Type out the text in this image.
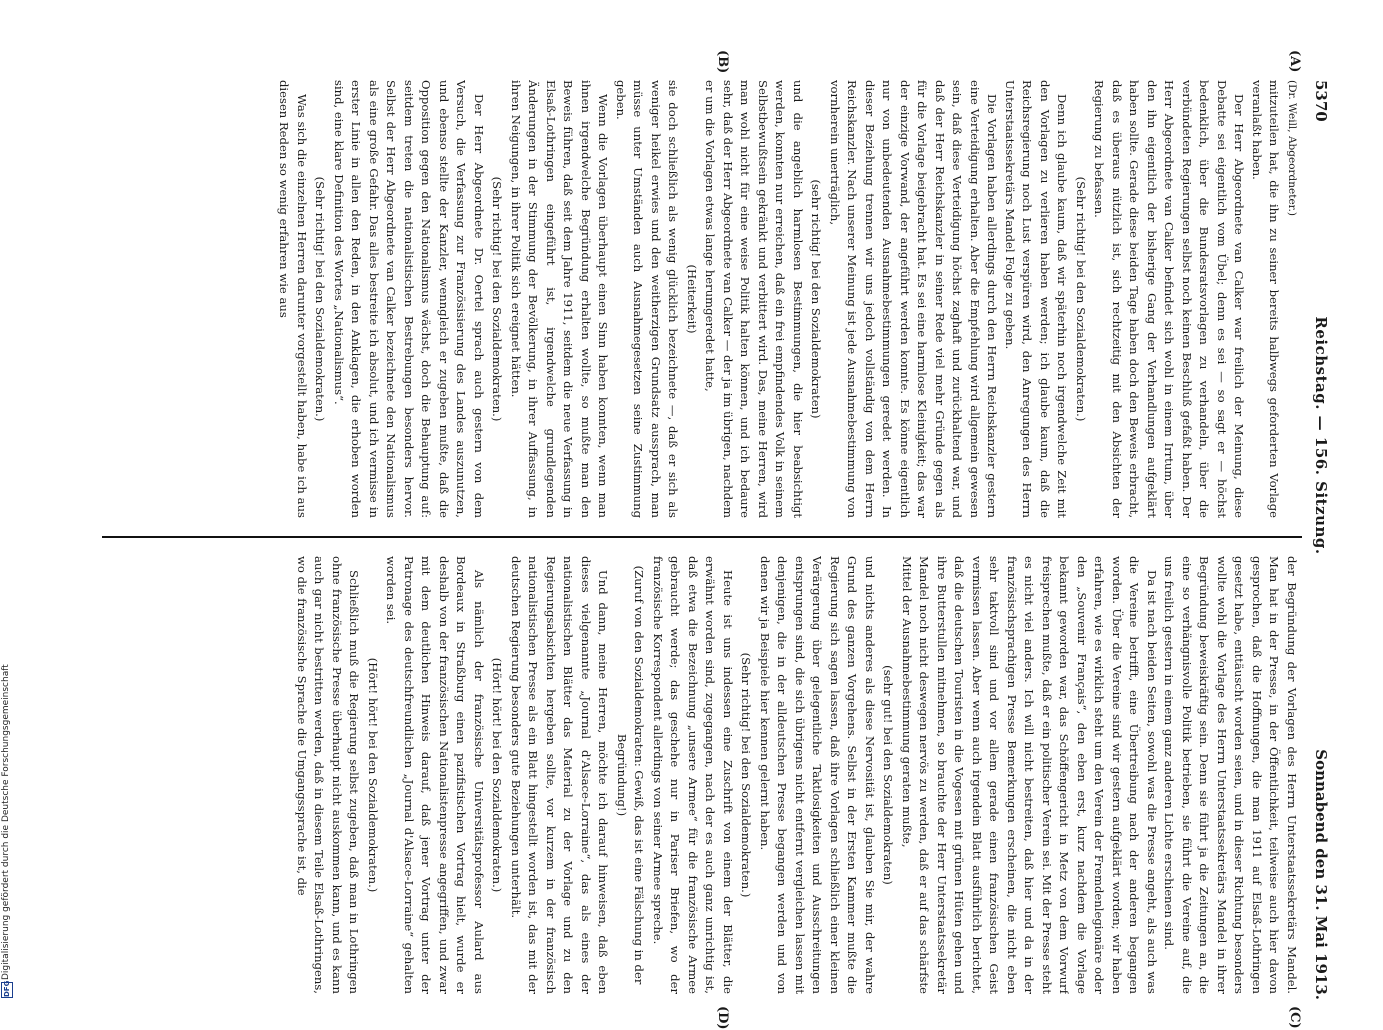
5370
Reichstag. — 156. Sitzung.
Sonnabend den 31. Mai 1913.
(A)
(B)
(C)
(D)

(Dr. Weill, Abgeordneter.)

mitzuteilen hat, die ihn zu seiner bereits halbwegs geforderten Vorlage veranlaßt haben.

Der Herr Abgeordnete van Calker war freilich der Meinung, diese Debatte sei eigentlich vom Übel; denn es sei — so sagt er — höchst bedenklich, über die Bundesratsvorlagen zu verhandeln, über die verbündeten Regierungen selbst noch keinen Beschluß gefaßt haben. Der Herr Abgeordnete van Calker befindet sich wohl in einem Irrtum, über den ihn eigentlich der bisherige Gang der Verhandlungen aufgeklärt haben sollte. Gerade diese beiden Tage haben doch den Beweis erbracht, daß es überaus nützlich ist, sich rechtzeitig mit den Absichten der Regierung zu befassen.

(Sehr richtig! bei den Sozialdemokraten.)

Denn ich glaube kaum, daß wir späterhin noch irgendwelche Zeit mit den Vorlagen zu verlieren haben werden; ich glaube kaum, daß die Reichsregierung noch Lust verspüren wird, den Anregungen des Herrn Unterstaatssekretärs Mandel Folge zu geben.

Die Vorlagen haben allerdings durch den Herrn Reichskanzler gestern eine Verteidigung erhalten. Aber die Empfehlung wird allgemein gewesen sein, daß diese Verteidigung höchst zaghaft und zurückhaltend war, und daß der Herr Reichskanzler in seiner Rede viel mehr Gründe gegen als für die Vorlage beigebracht hat. Es sei eine harmlose Kleinigkeit; das war der einzige Vorwand, der angeführt werden konnte. Es könne eigentlich nur von unbedeutenden Ausnahmebestimmungen geredet werden. In dieser Beziehung trennen wir uns jedoch vollständig von dem Herrn Reichskanzler. Nach unserer Meinung ist jede Ausnahmebestimmung von vornherein unerträglich,

(sehr richtig! bei den Sozialdemokraten)

und die angeblich harmlosen Bestimmungen, die hier beabsichtigt werden, konnten nur erreichen, daß ein frei empfindendes Volk in seinem Selbstbewußtsein gekränkt und verbittert wird. Das, meine Herren, wird man wohl nicht für eine weise Politik halten können, und ich bedaure sehr, daß der Herr Abgeordnete van Calker — der ja im übrigen, nachdem er um die Vorlagen etwas lange herumgeredet hatte,

(Heiterkeit)

sie doch schließlich als wenig glücklich bezeichnete —, daß er sich als weniger heikel erwies und den weitherzigen Grundsatz aussprach, man müsse unter Umständen auch Ausnahmegesetzen seine Zustimmung geben.

Wenn die Vorlagen überhaupt einen Sinn haben konnten, wenn man ihnen irgendwelche Begründung erhalten wollte, so mußte man den Beweis führen, daß seit dem Jahre 1911, seitdem die neue Verfassung in Elsaß-Lothringen eingeführt ist, irgendwelche grundlegenden Änderungen in der Stimmung der Bevölkerung, in ihrer Auffassung, in ihren Neigungen, in ihrer Politik sich ereignet hätten.

(Sehr richtig! bei den Sozialdemokraten.)

Der Herr Abgeordnete Dr. Oertel sprach auch gestern von dem Versuch, die Verfassung zur Französisierung des Landes auszunutzen, und ebenso stellte der Kanzler, wenngleich er zugeben mußte, daß die Opposition gegen den Nationalismus wächst, doch die Behauptung auf: seitdem treten die nationalistischen Bestrebungen besonders hervor. Selbst der Herr Abgeordnete van Calker bezeichnete den Nationalismus als eine große Gefahr. Das alles bestreite ich absolut, und ich vermisse in erster Linie in allen den Reden, in den Anklagen, die erhoben worden sind, eine klare Definition des Wortes „Nationalismus“.

(Sehr richtig! bei den Sozialdemokraten.)

Was sich die einzelnen Herren darunter vorgestellt haben, habe ich aus diesen Reden so wenig erfahren wie aus

der Begründung der Vorlagen des Herrn Unterstaatssekretärs Mandel. Man hat in der Presse, in der Öffentlichkeit, teilweise auch hier davon gesprochen, daß die Hoffnungen, die man 1911 auf Elsaß-Lothringen gesetzt habe, enttäuscht worden seien, und in dieser Richtung besonders wollte wohl die Vorlage des Herrn Unterstaatssekretärs Mandel in ihrer Begründung beweiskräftig sein. Denn sie führt ja die Zeitungen an, die eine so verhängnisvolle Politik betrieben, sie führt die Vereine auf, die uns freilich gestern in einem ganz anderen Lichte erschienen sind.

Da ist nach beiden Seiten, sowohl was die Presse angeht, als auch was die Vereine betrifft, eine Übertreibung nach der anderen begangen worden. Über die Vereine sind wir gestern aufgeklärt worden; wir haben erfahren, wie es wirklich steht um den Verein der Fremdenlegionäre oder den „Souvenir Français“, den eben erst, kurz nachdem die Vorlage bekannt geworden war, das Schöffengericht in Metz von dem Vorwurf freisprechen mußte, daß er ein politischer Verein sei. Mit der Presse steht es nicht viel anders. Ich will nicht bestreiten, daß hier und da in der französischsprachigen Presse Bemerkungen erscheinen, die nicht eben sehr taktvoll sind und vor allem gerade einen französischen Geist vermissen lassen. Aber wenn auch irgendein Blatt ausführlich berichtet, daß die deutschen Touristen in die Vogesen mit grünen Hüten gehen und ihre Butterstullen mitnehmen, so brauchte der Herr Unterstaatssekretär Mandel noch nicht deswegen nervös zu werden, daß er auf das schärfste Mittel der Ausnahmebestimmung geraten mußte,

(sehr gut! bei den Sozialdemokraten)

und nichts anderes als diese Nervosität ist, glauben Sie mir, der wahre Grund des ganzen Vorgehens. Selbst in der Ersten Kammer mußte die Regierung sich sagen lassen, daß ihre Vorlagen schließlich einer kleinen Verärgerung über gelegentliche Taktlosigkeiten und Ausschreitungen entsprungen sind, die sich übrigens nicht entfernt vergleichen lassen mit denjenigen, die in der alldeutschen Presse begangen werden und von denen wir ja Beispiele hier kennen gelernt haben.

(Sehr richtig! bei den Sozialdemokraten.)

Heute ist uns indessen eine Zuschrift von einem der Blätter, die erwähnt worden sind, zugegangen, nach der es auch ganz unrichtig ist, daß etwa die Bezeichnung „unsere Armee“ für die französische Armee gebraucht werde; das geschehe nur in Pariser Briefen, wo der französische Korrespondent allerdings von seiner Armee spreche.

(Zuruf von den Sozialdemokraten: Gewiß, das ist eine Fälschung in der Begründung!)

Und dann, meine Herren, möchte ich darauf hinweisen, daß eben dieses vielgenannte „Journal d'Alsace-Lorraine“, das als eines der nationalistischen Blätter das Material zu der Vorlage und zu den Regierungsabsichten hergeben sollte, vor kurzem in der französisch nationalistischen Presse als ein Blatt hingestellt worden ist, das mit der deutschen Regierung besonders gute Beziehungen unterhält.

(Hört! hört! bei den Sozialdemokraten.)

Als nämlich der französische Universitätsprofessor Aulard aus Bordeaux in Straßburg einen pazifistischen Vortrag hielt, wurde er deshalb von der französischen Nationalistenpresse angegriffen, und zwar mit dem deutlichen Hinweis darauf, daß jener Vortrag unter der Patronage des deutschfreundlichen „Journal d'Alsace-Lorraine“ gehalten worden sei.

(Hört! hört! bei den Sozialdemokraten.)

Schließlich muß die Regierung selbst zugeben, daß man in Lothringen ohne französische Presse überhaupt nicht auskommen kann, und es kann auch gar nicht bestritten werden, daß in diesem Teile Elsaß-Lothringens, wo die französische Sprache die Umgangssprache ist, die

DFG
Digitalisierung gefördert durch die Deutsche Forschungsgemeinschaft
